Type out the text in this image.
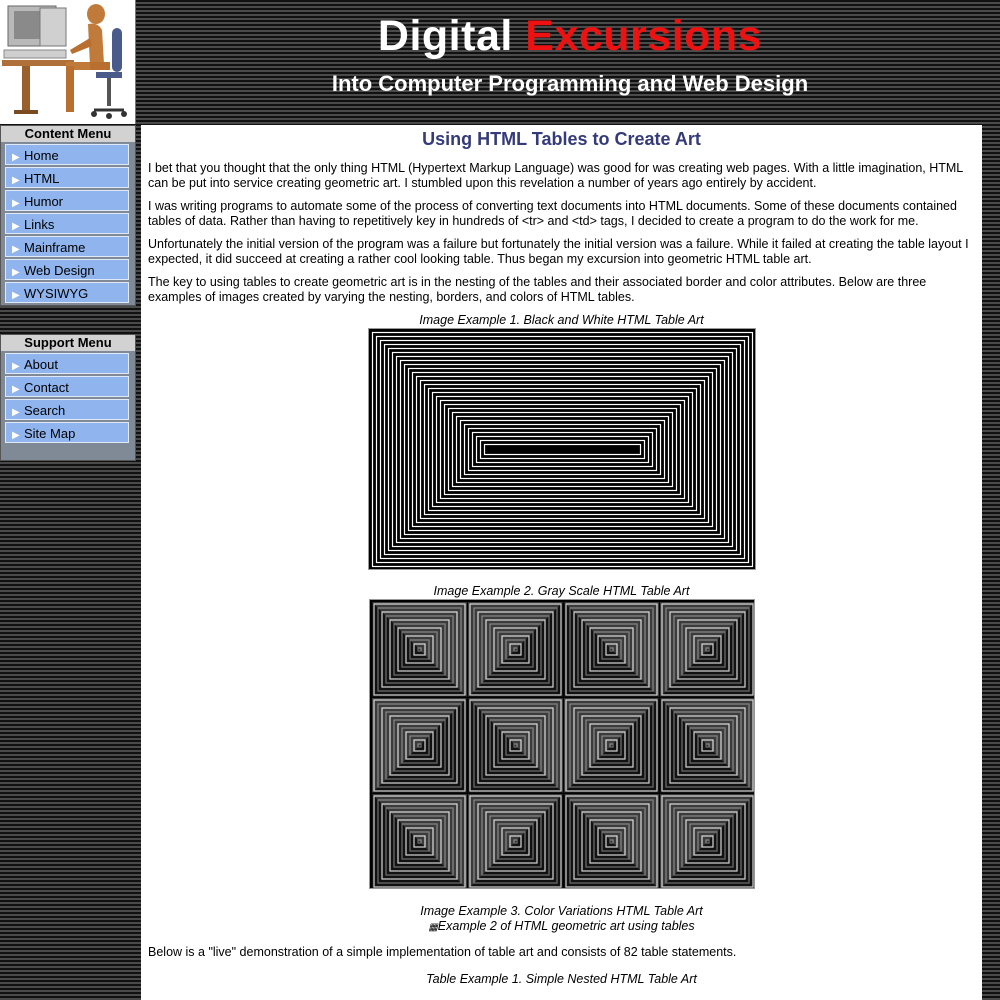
Digital Excursions
Into Computer Programming and Web Design
Content Menu
▶ Home
▶ HTML
▶ Humor
▶ Links
▶ Mainframe
▶ Web Design
▶ WYSIWYG
Support Menu
▶ About
▶ Contact
▶ Search
▶ Site Map
Using HTML Tables to Create Art

I bet that you thought that the only thing HTML (Hypertext Markup Language) was good for was creating web pages. With a little imagination, HTML can be put into service creating geometric art. I stumbled upon this revelation a number of years ago entirely by accident.

I was writing programs to automate some of the process of converting text documents into HTML documents. Some of these documents contained tables of data. Rather than having to repetitively key in hundreds of <tr> and <td> tags, I decided to create a program to do the work for me.

Unfortunately the initial version of the program was a failure but fortunately the initial version was a failure. While it failed at creating the table layout I expected, it did succeed at creating a rather cool looking table. Thus began my excursion into geometric HTML table art.

The key to using tables to create geometric art is in the nesting of the tables and their associated border and color attributes. Below are three examples of images created by varying the nesting, borders, and colors of HTML tables.

Image Example 1. Black and White HTML Table Art

Image Example 2. Gray Scale HTML Table Art

Image Example 3. Color Variations HTML Table Art

▦Example 2 of HTML geometric art using tables

Below is a "live" demonstration of a simple implementation of table art and consists of 82 table statements.

Table Example 1. Simple Nested HTML Table Art
